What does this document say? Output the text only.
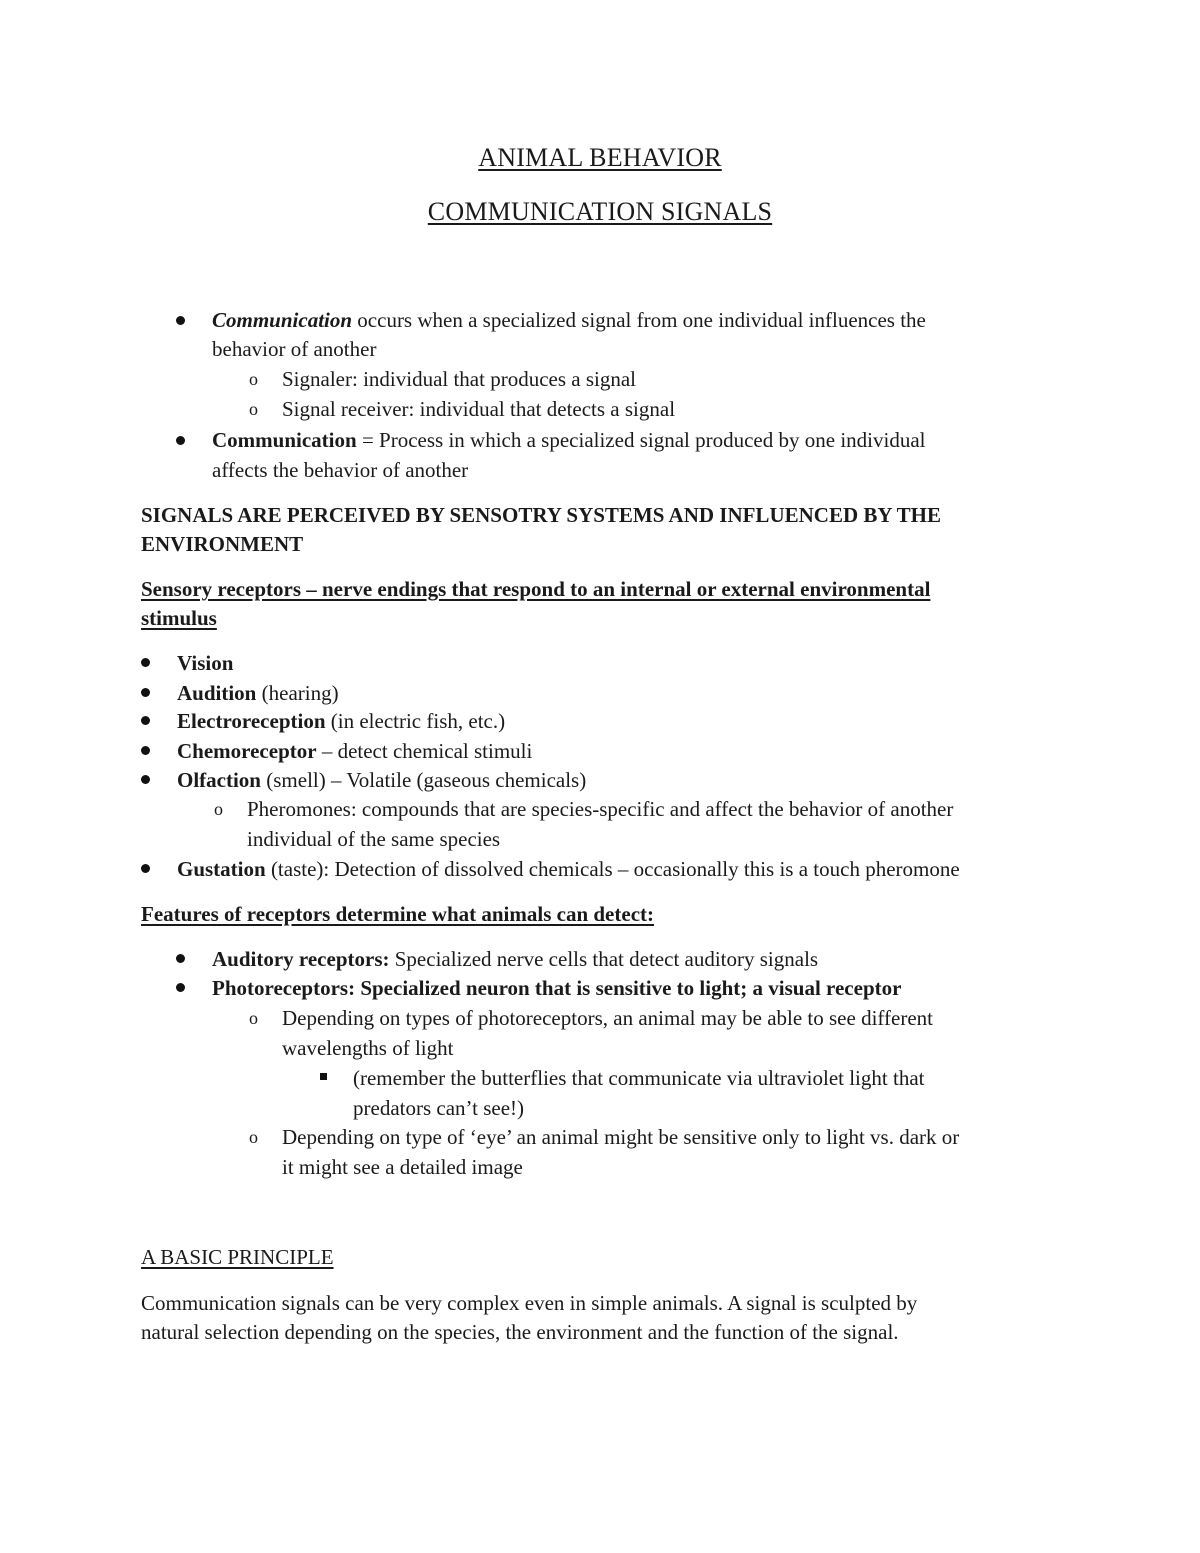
ANIMAL BEHAVIOR
COMMUNICATION SIGNALS
Communication occurs when a specialized signal from one individual influences the
behavior of another
o Signaler: individual that produces a signal
o Signal receiver: individual that detects a signal
Communication = Process in which a specialized signal produced by one individual
affects the behavior of another
SIGNALS ARE PERCEIVED BY SENSOTRY SYSTEMS AND INFLUENCED BY THE
ENVIRONMENT
Sensory receptors – nerve endings that respond to an internal or external environmental
stimulus
Vision
Audition (hearing)
Electroreception (in electric fish, etc.)
Chemoreceptor – detect chemical stimuli
Olfaction (smell) – Volatile (gaseous chemicals)
o Pheromones: compounds that are species-specific and affect the behavior of another
individual of the same species
Gustation (taste): Detection of dissolved chemicals – occasionally this is a touch pheromone
Features of receptors determine what animals can detect:
Auditory receptors: Specialized nerve cells that detect auditory signals
Photoreceptors: Specialized neuron that is sensitive to light; a visual receptor
o Depending on types of photoreceptors, an animal may be able to see different
wavelengths of light
(remember the butterflies that communicate via ultraviolet light that
predators can’t see!)
o Depending on type of ‘eye’ an animal might be sensitive only to light vs. dark or
it might see a detailed image
A BASIC PRINCIPLE
Communication signals can be very complex even in simple animals. A signal is sculpted by
natural selection depending on the species, the environment and the function of the signal.
